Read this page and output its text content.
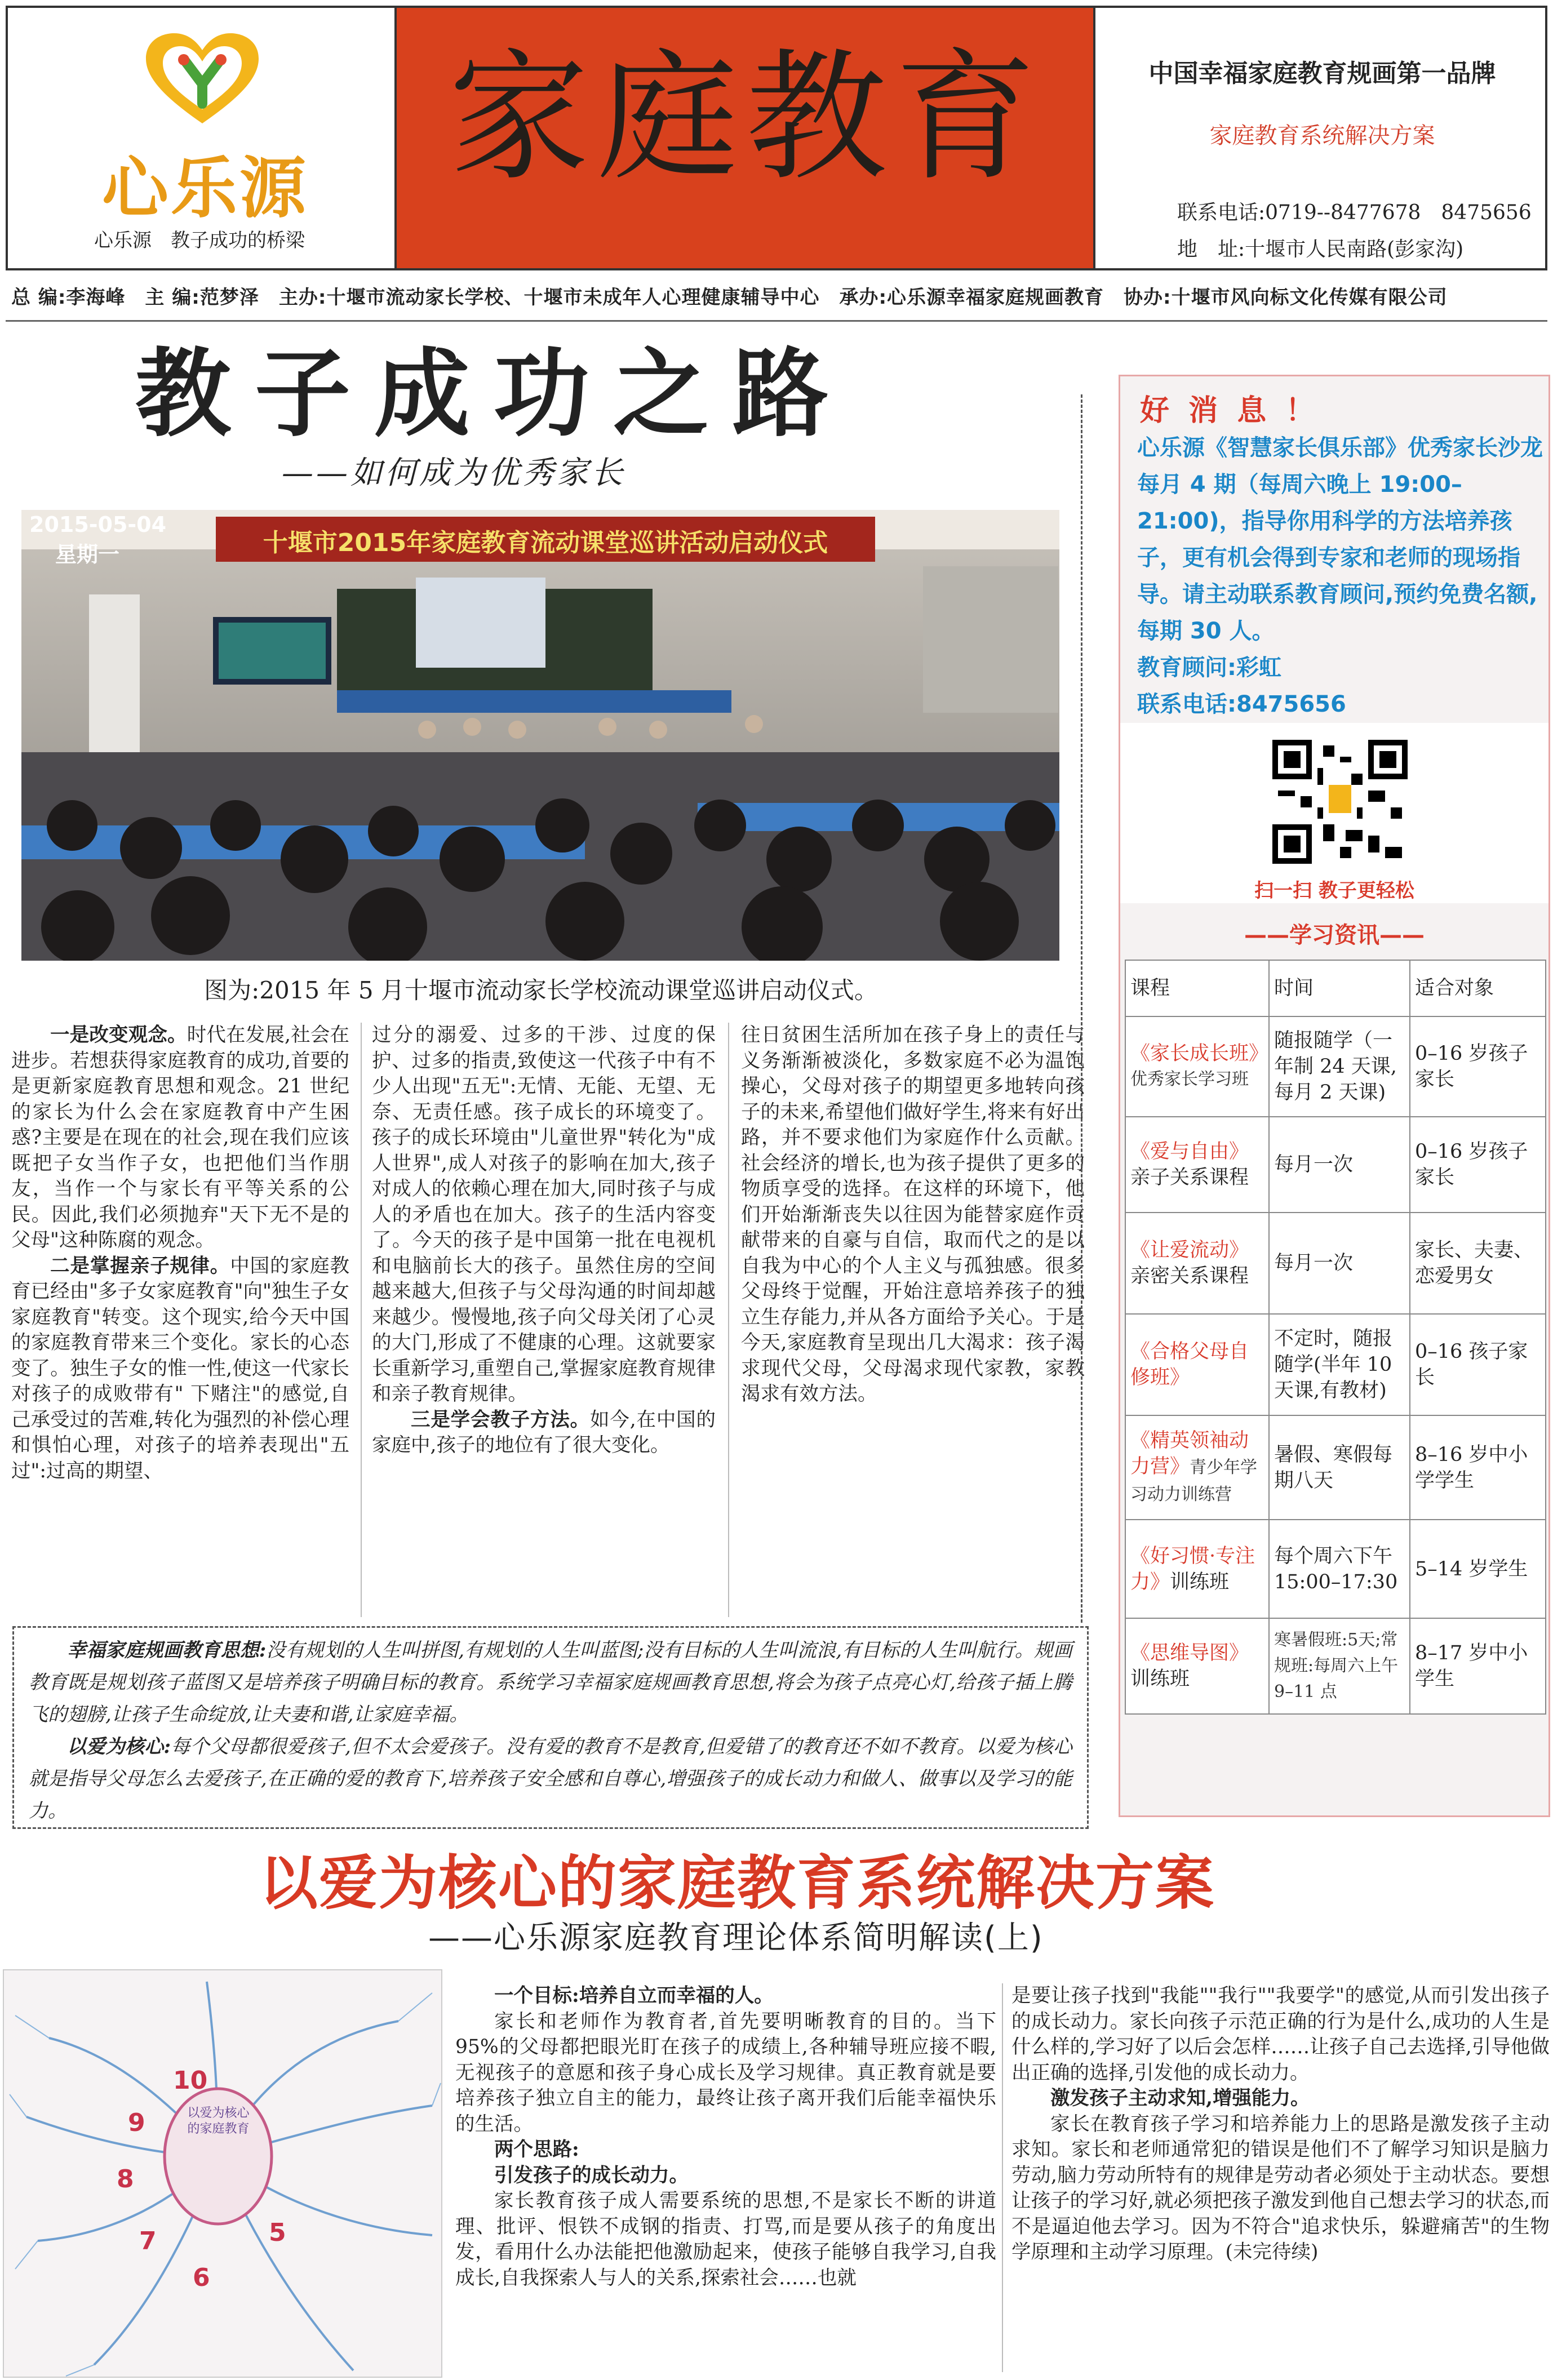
心乐源
心乐源　教子成功的桥梁
家庭教育	中国幸福家庭教育规画第一品牌
家庭教育系统解决方案
联系电话:0719--8477678　8475656
地　址:十堰市人民南路(彭家沟)
总 编:李海峰　主 编:范梦泽　主办:十堰市流动家长学校、十堰市未成年人心理健康辅导中心　承办:心乐源幸福家庭规画教育　协办:十堰市风向标文化传媒有限公司
教子成功之路
——如何成为优秀家长
2015-05-04
星期一	十堰市2015年家庭教育流动课堂巡讲活动启动仪式
图为:2015 年 5 月十堰市流动家长学校流动课堂巡讲启动仪式。

一是改变观念。时代在发展,社会在进步。若想获得家庭教育的成功,首要的是更新家庭教育思想和观念。21 世纪的家长为什么会在家庭教育中产生困惑?主要是在现在的社会,现在我们应该既把子女当作子女，也把他们当作朋友，当作一个与家长有平等关系的公民。因此,我们必须抛弃"天下无不是的父母"这种陈腐的观念。

二是掌握亲子规律。中国的家庭教育已经由"多子女家庭教育"向"独生子女家庭教育"转变。这个现实,给今天中国的家庭教育带来三个变化。家长的心态变了。独生子女的惟一性,使这一代家长对孩子的成败带有" 下赌注"的感觉,自己承受过的苦难,转化为强烈的补偿心理和惧怕心理，对孩子的培养表现出"五过":过高的期望、

过分的溺爱、过多的干涉、过度的保护、过多的指责,致使这一代孩子中有不少人出现"五无":无情、无能、无望、无奈、无责任感。孩子成长的环境变了。孩子的成长环境由"儿童世界"转化为"成人世界",成人对孩子的影响在加大,孩子对成人的依赖心理在加大,同时孩子与成人的矛盾也在加大。孩子的生活内容变了。今天的孩子是中国第一批在电视机和电脑前长大的孩子。虽然住房的空间越来越大,但孩子与父母沟通的时间却越来越少。慢慢地,孩子向父母关闭了心灵的大门,形成了不健康的心理。这就要家长重新学习,重塑自己,掌握家庭教育规律和亲子教育规律。

三是学会教子方法。如今,在中国的家庭中,孩子的地位有了很大变化。

往日贫困生活所加在孩子身上的责任与义务渐渐被淡化，多数家庭不必为温饱操心，父母对孩子的期望更多地转向孩子的未来,希望他们做好学生,将来有好出路，并不要求他们为家庭作什么贡献。社会经济的增长,也为孩子提供了更多的物质享受的选择。在这样的环境下，他们开始渐渐丧失以往因为能替家庭作贡献带来的自豪与自信，取而代之的是以自我为中心的个人主义与孤独感。很多父母终于觉醒，开始注意培养孩子的独立生存能力,并从各方面给予关心。于是今天,家庭教育呈现出几大渴求：孩子渴求现代父母，父母渴求现代家教，家教渴求有效方法。

幸福家庭规画教育思想:没有规划的人生叫拼图,有规划的人生叫蓝图;没有目标的人生叫流浪,有目标的人生叫航行。规画教育既是规划孩子蓝图又是培养孩子明确目标的教育。系统学习幸福家庭规画教育思想,将会为孩子点亮心灯,给孩子插上腾飞的翅膀,让孩子生命绽放,让夫妻和谐,让家庭幸福。

以爱为核心:每个父母都很爱孩子,但不太会爱孩子。没有爱的教育不是教育,但爱错了的教育还不如不教育。以爱为核心就是指导父母怎么去爱孩子,在正确的爱的教育下,培养孩子安全感和自尊心,增强孩子的成长动力和做人、做事以及学习的能力。

好 消 息 ！
心乐源《智慧家长俱乐部》优秀家长沙龙每月 4 期（每周六晚上 19:00–21:00)，指导你用科学的方法培养孩子，更有机会得到专家和老师的现场指导。请主动联系教育顾问,预约免费名额,每期 30 人。
教育顾问:彩虹
联系电话:8475656
扫一扫 教子更轻松
——学习资讯——
课程	时间	适合对象

《家长成长班》
优秀家长学习班	随报随学（一年制 24 天课,每月 2 天课)	0–16 岁孩子家长

《爱与自由》
亲子关系课程	每月一次	0–16 岁孩子家长

《让爱流动》
亲密关系课程	每月一次	家长、夫妻、恋爱男女

《合格父母自修班》	不定时，随报随学(半年 10天课,有教材)	0–16 孩子家长
《精英领袖动力营》青少年学习动力训练营	暑假、寒假每期八天	8–16 岁中小学学生
《好习惯·专注力》训练班	每个周六下午15:00–17:30	5–14 岁学生
《思维导图》训练班	寒暑假班:5天;常规班:每周六上午 9–11 点	8–17 岁中小学生
以爱为核心的家庭教育系统解决方案
——心乐源家庭教育理论体系简明解读(上)
10
9
8
7
6
5
以爱为核心的家庭教育

一个目标:培养自立而幸福的人。

家长和老师作为教育者,首先要明晰教育的目的。当下 95%的父母都把眼光盯在孩子的成绩上,各种辅导班应接不暇,无视孩子的意愿和孩子身心成长及学习规律。真正教育就是要培养孩子独立自主的能力，最终让孩子离开我们后能幸福快乐的生活。

两个思路:

引发孩子的成长动力。

家长教育孩子成人需要系统的思想,不是家长不断的讲道理、批评、恨铁不成钢的指责、打骂,而是要从孩子的角度出发，看用什么办法能把他激励起来，使孩子能够自我学习,自我成长,自我探索人与人的关系,探索社会……也就

是要让孩子找到"我能""我行""我要学"的感觉,从而引发出孩子的成长动力。家长向孩子示范正确的行为是什么,成功的人生是什么样的,学习好了以后会怎样……让孩子自己去选择,引导他做出正确的选择,引发他的成长动力。

激发孩子主动求知,增强能力。

家长在教育孩子学习和培养能力上的思路是激发孩子主动求知。家长和老师通常犯的错误是他们不了解学习知识是脑力劳动,脑力劳动所特有的规律是劳动者必须处于主动状态。要想让孩子的学习好,就必须把孩子激发到他自己想去学习的状态,而不是逼迫他去学习。因为不符合"追求快乐，躲避痛苦"的生物学原理和主动学习原理。(未完待续)
